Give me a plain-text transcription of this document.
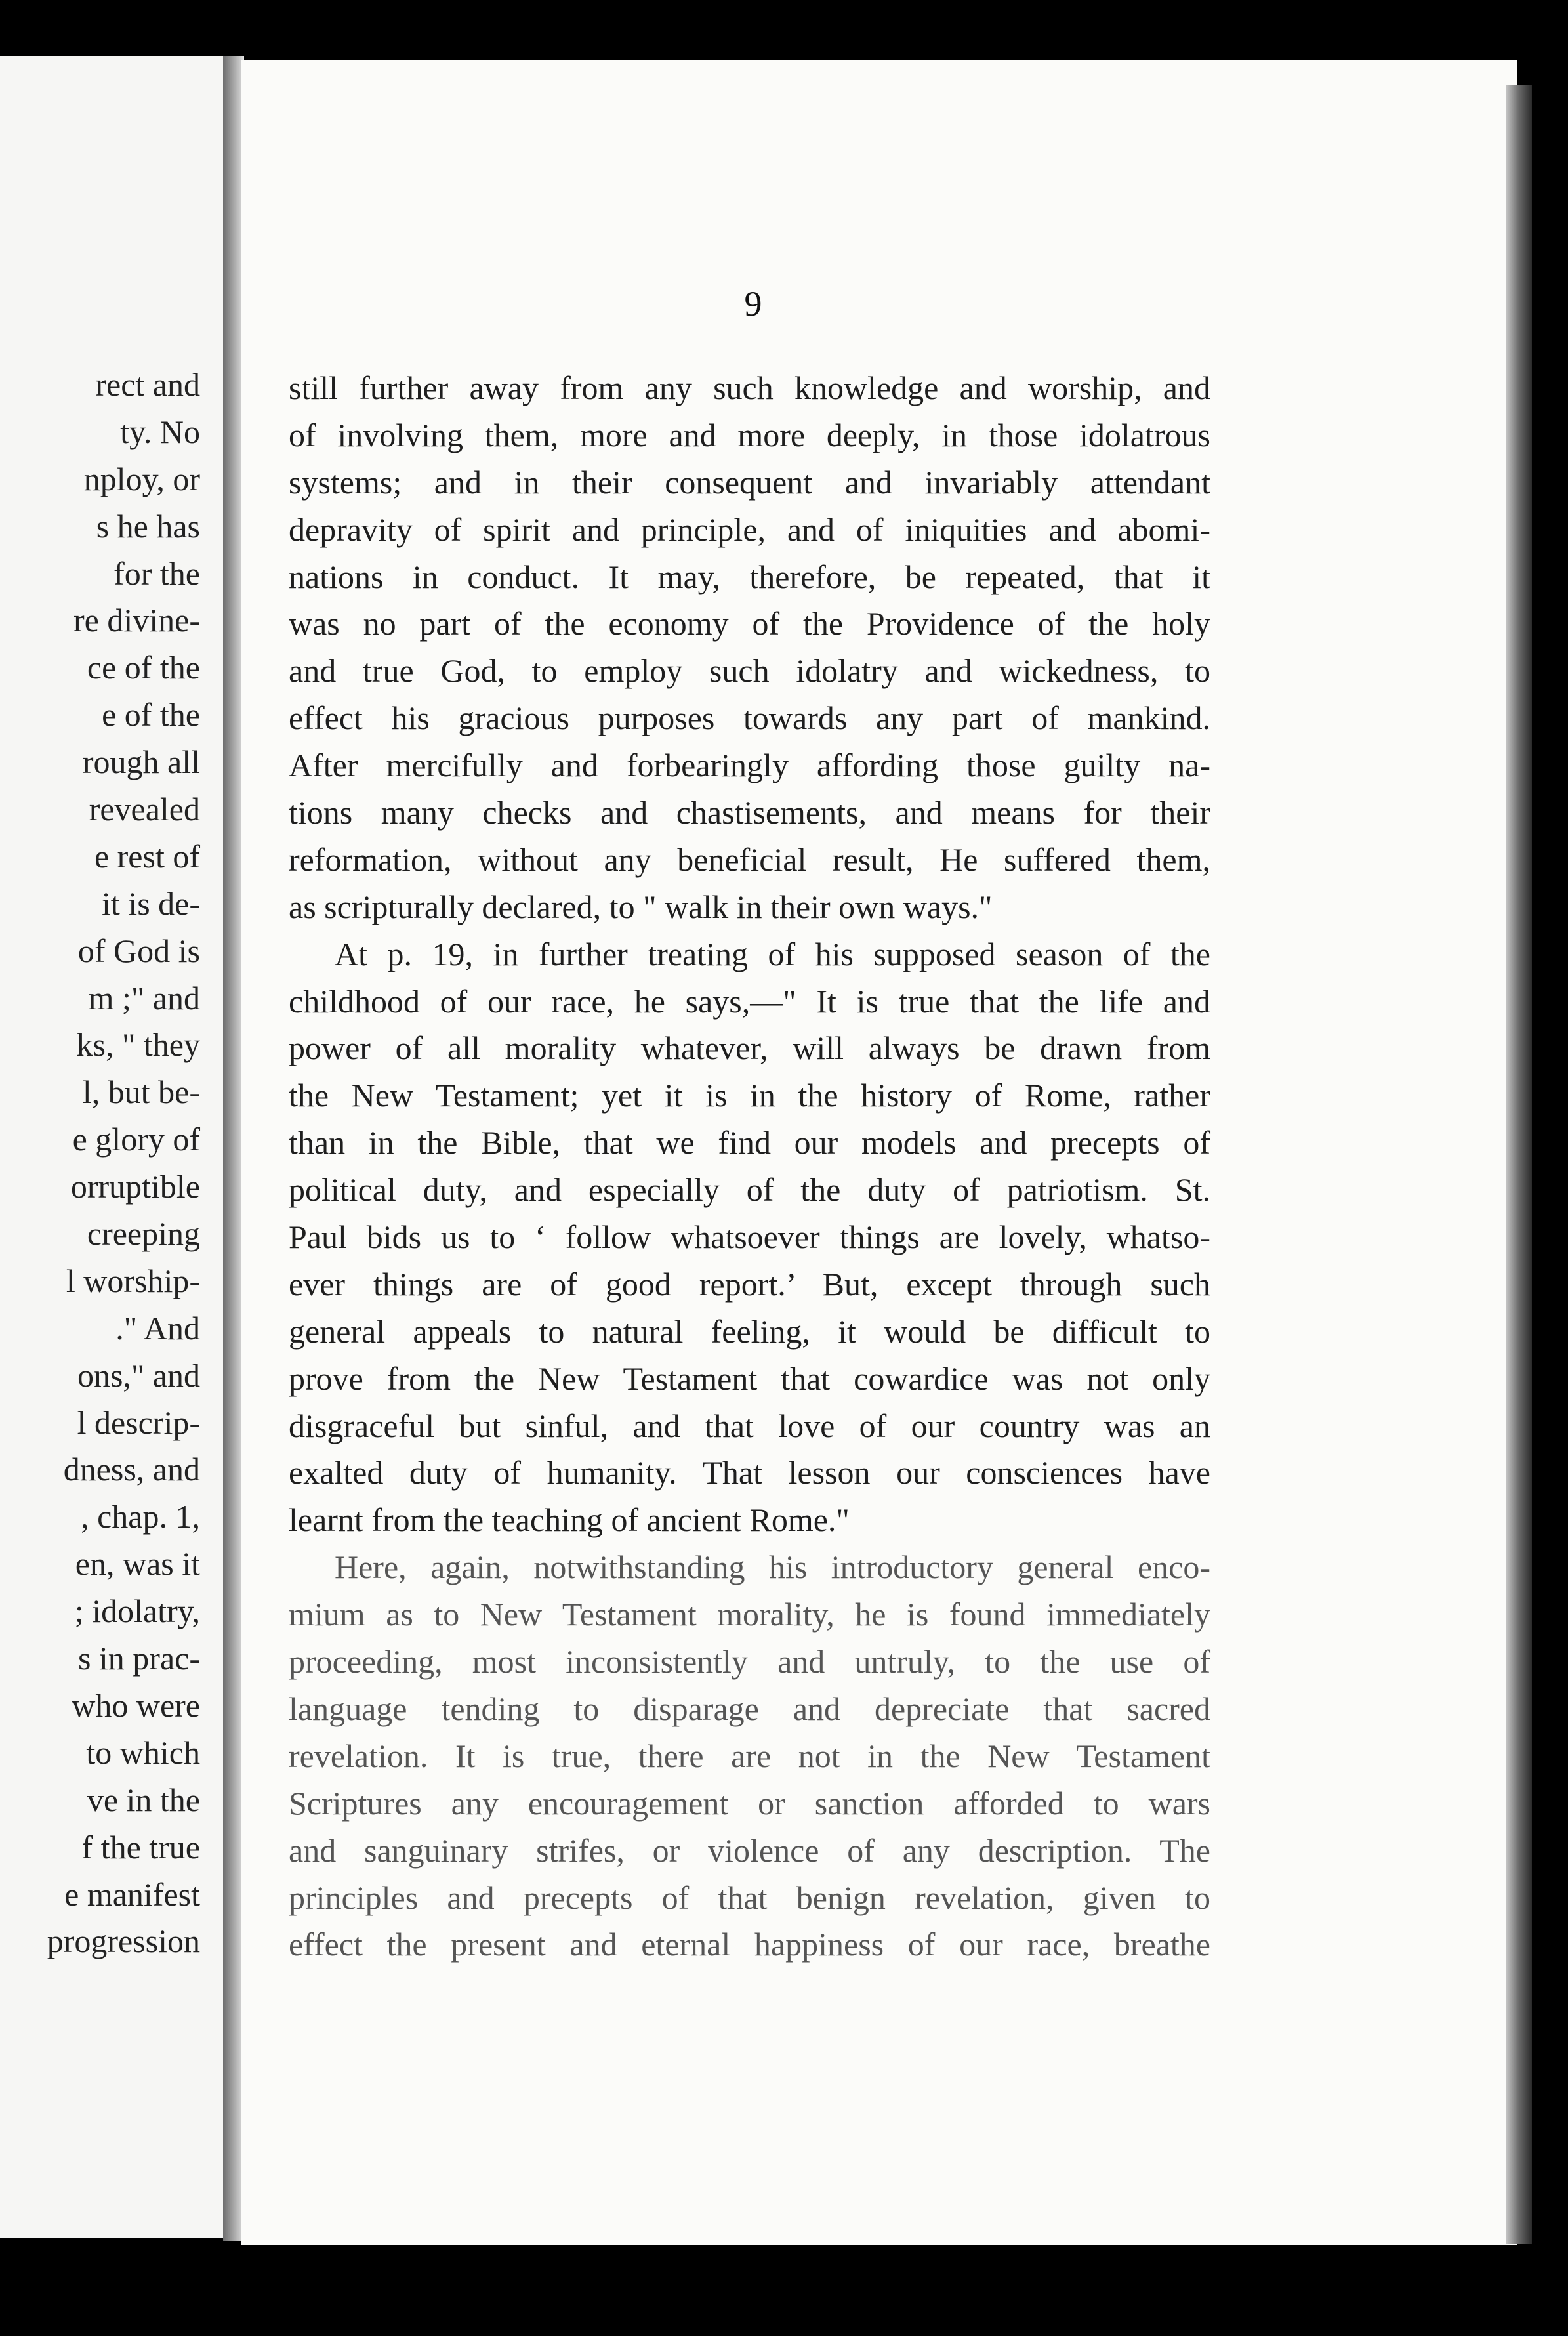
rect and
ty. No
nploy, or
s he has
for the
re divine-
ce of the
e of the
rough all
revealed
e rest of
it is de-
of God is
m ;" and
ks, " they
l, but be-
e glory of
orruptible
creeping
l worship-
." And
ons," and
l descrip-
dness, and
, chap. 1,
en, was it
; idolatry,
s in prac-
who were
to which
ve in the
f the true
e manifest
progression
9
still further away from any such knowledge and worship, and
of involving them, more and more deeply, in those idolatrous
systems; and in their consequent and invariably attendant
depravity of spirit and principle, and of iniquities and abomi-
nations in conduct. It may, therefore, be repeated, that it
was no part of the economy of the Providence of the holy
and true God, to employ such idolatry and wickedness, to
effect his gracious purposes towards any part of mankind.
After mercifully and forbearingly affording those guilty na-
tions many checks and chastisements, and means for their
reformation, without any beneficial result, He suffered them,
as scripturally declared, to " walk in their own ways."
At p. 19, in further treating of his supposed season of the
childhood of our race, he says,—" It is true that the life and
power of all morality whatever, will always be drawn from
the New Testament; yet it is in the history of Rome, rather
than in the Bible, that we find our models and precepts of
political duty, and especially of the duty of patriotism. St.
Paul bids us to ‘ follow whatsoever things are lovely, whatso-
ever things are of good report.’ But, except through such
general appeals to natural feeling, it would be difficult to
prove from the New Testament that cowardice was not only
disgraceful but sinful, and that love of our country was an
exalted duty of humanity. That lesson our consciences have
learnt from the teaching of ancient Rome."
Here, again, notwithstanding his introductory general enco-
mium as to New Testament morality, he is found immediately
proceeding, most inconsistently and untruly, to the use of
language tending to disparage and depreciate that sacred
revelation. It is true, there are not in the New Testament
Scriptures any encouragement or sanction afforded to wars
and sanguinary strifes, or violence of any description. The
principles and precepts of that benign revelation, given to
effect the present and eternal happiness of our race, breathe
